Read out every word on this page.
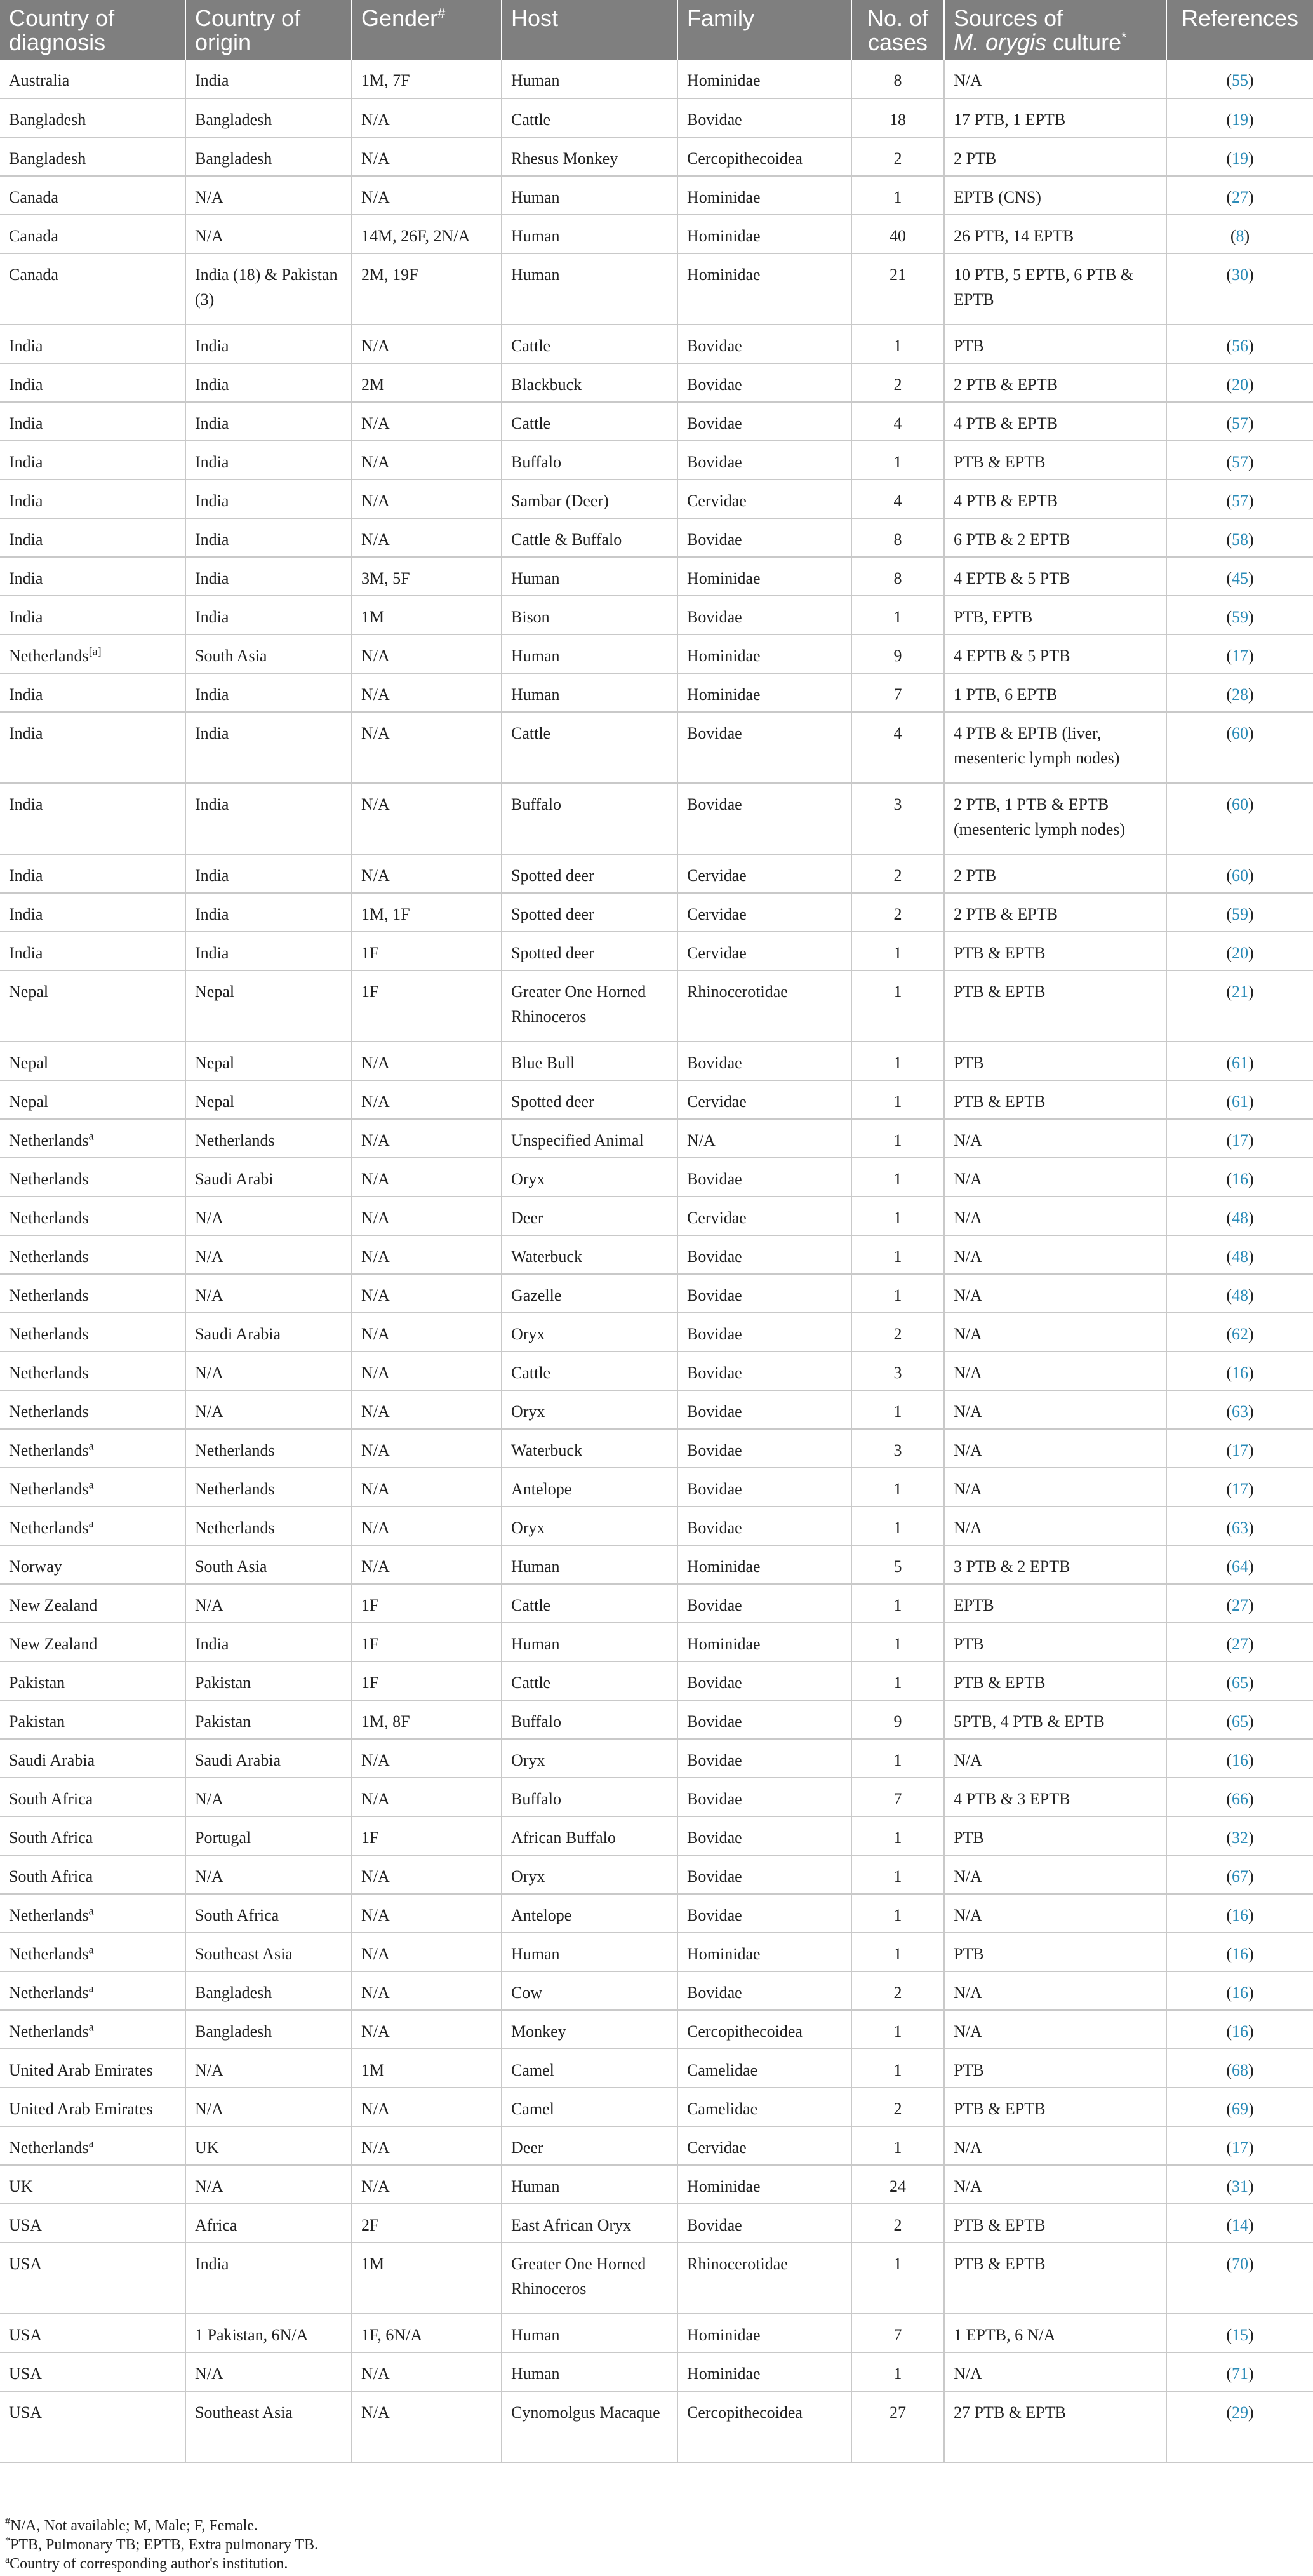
Country of diagnosis	Country of origin	Gender#	Host	Family	No. of cases	Sources of
M. orygis culture*	References
Australia	India	1M, 7F	Human	Hominidae	8	N/A	(55)
Bangladesh	Bangladesh	N/A	Cattle	Bovidae	18	17 PTB, 1 EPTB	(19)
Bangladesh	Bangladesh	N/A	Rhesus Monkey	Cercopithecoidea	2	2 PTB	(19)
Canada	N/A	N/A	Human	Hominidae	1	EPTB (CNS)	(27)
Canada	N/A	14M, 26F, 2N/A	Human	Hominidae	40	26 PTB, 14 EPTB	(8)
Canada	India (18) & Pakistan (3)	2M, 19F	Human	Hominidae	21	10 PTB, 5 EPTB, 6 PTB & EPTB	(30)
India	India	N/A	Cattle	Bovidae	1	PTB	(56)
India	India	2M	Blackbuck	Bovidae	2	2 PTB & EPTB	(20)
India	India	N/A	Cattle	Bovidae	4	4 PTB & EPTB	(57)
India	India	N/A	Buffalo	Bovidae	1	PTB & EPTB	(57)
India	India	N/A	Sambar (Deer)	Cervidae	4	4 PTB & EPTB	(57)
India	India	N/A	Cattle & Buffalo	Bovidae	8	6 PTB & 2 EPTB	(58)
India	India	3M, 5F	Human	Hominidae	8	4 EPTB & 5 PTB	(45)
India	India	1M	Bison	Bovidae	1	PTB, EPTB	(59)
Netherlands[a]	South Asia	N/A	Human	Hominidae	9	4 EPTB & 5 PTB	(17)
India	India	N/A	Human	Hominidae	7	1 PTB, 6 EPTB	(28)
India	India	N/A	Cattle	Bovidae	4	4 PTB & EPTB (liver, mesenteric lymph nodes)	(60)
India	India	N/A	Buffalo	Bovidae	3	2 PTB, 1 PTB & EPTB (mesenteric lymph nodes)	(60)
India	India	N/A	Spotted deer	Cervidae	2	2 PTB	(60)
India	India	1M, 1F	Spotted deer	Cervidae	2	2 PTB & EPTB	(59)
India	India	1F	Spotted deer	Cervidae	1	PTB & EPTB	(20)
Nepal	Nepal	1F	Greater One Horned Rhinoceros	Rhinocerotidae	1	PTB & EPTB	(21)
Nepal	Nepal	N/A	Blue Bull	Bovidae	1	PTB	(61)
Nepal	Nepal	N/A	Spotted deer	Cervidae	1	PTB & EPTB	(61)
Netherlands$^a$	Netherlands	N/A	Unspecified Animal	N/A	1	N/A	(17)
Netherlands	Saudi Arabi	N/A	Oryx	Bovidae	1	N/A	(16)
Netherlands	N/A	N/A	Deer	Cervidae	1	N/A	(48)
Netherlands	N/A	N/A	Waterbuck	Bovidae	1	N/A	(48)
Netherlands	N/A	N/A	Gazelle	Bovidae	1	N/A	(48)
Netherlands	Saudi Arabia	N/A	Oryx	Bovidae	2	N/A	(62)
Netherlands	N/A	N/A	Cattle	Bovidae	3	N/A	(16)
Netherlands	N/A	N/A	Oryx	Bovidae	1	N/A	(63)
Netherlands$^a$	Netherlands	N/A	Waterbuck	Bovidae	3	N/A	(17)
Netherlands$^a$	Netherlands	N/A	Antelope	Bovidae	1	N/A	(17)
Netherlands$^a$	Netherlands	N/A	Oryx	Bovidae	1	N/A	(63)
Norway	South Asia	N/A	Human	Hominidae	5	3 PTB & 2 EPTB	(64)
New Zealand	N/A	1F	Cattle	Bovidae	1	EPTB	(27)
New Zealand	India	1F	Human	Hominidae	1	PTB	(27)
Pakistan	Pakistan	1F	Cattle	Bovidae	1	PTB & EPTB	(65)
Pakistan	Pakistan	1M, 8F	Buffalo	Bovidae	9	5PTB, 4 PTB & EPTB	(65)
Saudi Arabia	Saudi Arabia	N/A	Oryx	Bovidae	1	N/A	(16)
South Africa	N/A	N/A	Buffalo	Bovidae	7	4 PTB & 3 EPTB	(66)
South Africa	Portugal	1F	African Buffalo	Bovidae	1	PTB	(32)
South Africa	N/A	N/A	Oryx	Bovidae	1	N/A	(67)
Netherlands$^a$	South Africa	N/A	Antelope	Bovidae	1	N/A	(16)
Netherlands$^a$	Southeast Asia	N/A	Human	Hominidae	1	PTB	(16)
Netherlands$^a$	Bangladesh	N/A	Cow	Bovidae	2	N/A	(16)
Netherlands$^a$	Bangladesh	N/A	Monkey	Cercopithecoidea	1	N/A	(16)
United Arab Emirates	N/A	1M	Camel	Camelidae	1	PTB	(68)
United Arab Emirates	N/A	N/A	Camel	Camelidae	2	PTB & EPTB	(69)
Netherlands$^a$	UK	N/A	Deer	Cervidae	1	N/A	(17)
UK	N/A	N/A	Human	Hominidae	24	N/A	(31)
USA	Africa	2F	East African Oryx	Bovidae	2	PTB & EPTB	(14)
USA	India	1M	Greater One Horned Rhinoceros	Rhinocerotidae	1	PTB & EPTB	(70)
USA	1 Pakistan, 6N/A	1F, 6N/A	Human	Hominidae	7	1 EPTB, 6 N/A	(15)
USA	N/A	N/A	Human	Hominidae	1	N/A	(71)
USA	Southeast Asia	N/A	Cynomolgus Macaque	Cercopithecoidea	27	27 PTB & EPTB	(29)
#N/A, Not available; M, Male; F, Female.
*PTB, Pulmonary TB; EPTB, Extra pulmonary TB.
$^a$Country of corresponding author's institution.
